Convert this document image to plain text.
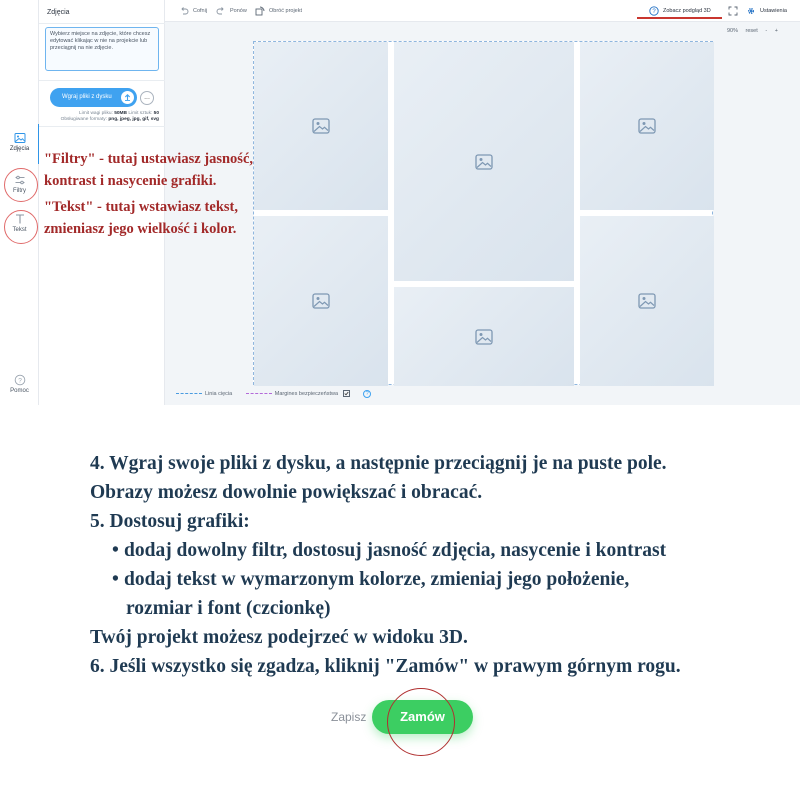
Zdjęcia
Filtry
Tekst
?
Pomoc
Zdjęcia
Wybierz miejsce na zdjęcie, które chcesz edytować klikając w nie na projekcie lub przeciągnij na nie zdjęcie.
Wgraj pliki z dysku	...
Limit wagi pliku: 50MB Limit sztuk: 50
Obsługiwane formaty: png, jpeg, jpg, gif, svg

"Filtry" - tutaj ustawiasz jasność, kontrast i nasycenie grafiki.

"Tekst" - tutaj wstawiasz tekst, zmieniasz jego wielkość i kolor.

Cofnij	Ponów	Obróć projekt	? Zobacz podgląd 3D	Ustawienia
90% reset - +
Linia cięcia	Margines bezpieczeństwa	?
4. Wgraj swoje pliki z dysku, a następnie przeciągnij je na puste pole.
Obrazy możesz dowolnie powiększać i obracać.
5. Dostosuj grafiki:
• dodaj dowolny filtr, dostosuj jasność zdjęcia, nasycenie i kontrast
• dodaj tekst w wymarzonym kolorze, zmieniaj jego położenie,
rozmiar i font (czcionkę)
Twój projekt możesz podejrzeć w widoku 3D.
6. Jeśli wszystko się zgadza, kliknij "Zamów" w prawym górnym rogu.
Zapisz	Zamów
